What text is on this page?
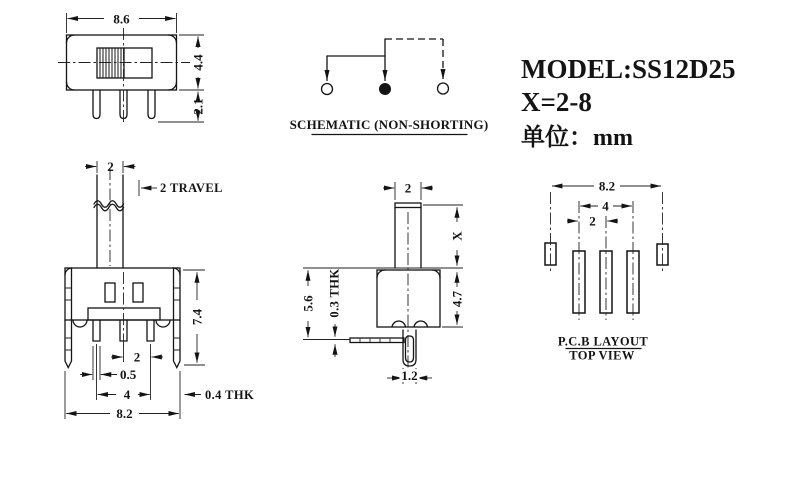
8.6
4.4
2.1
SCHEMATIC (NON-SHORTING)
MODEL:SS12D25
X=2-8
单位：mm
2
2 TRAVEL
7.4
0.4 THK
2
0.5
4
8.2
2
X
4.7
5.6 0.3 THK
1.2
8.2
4
2
P.C.B LAYOUT
TOP VIEW
